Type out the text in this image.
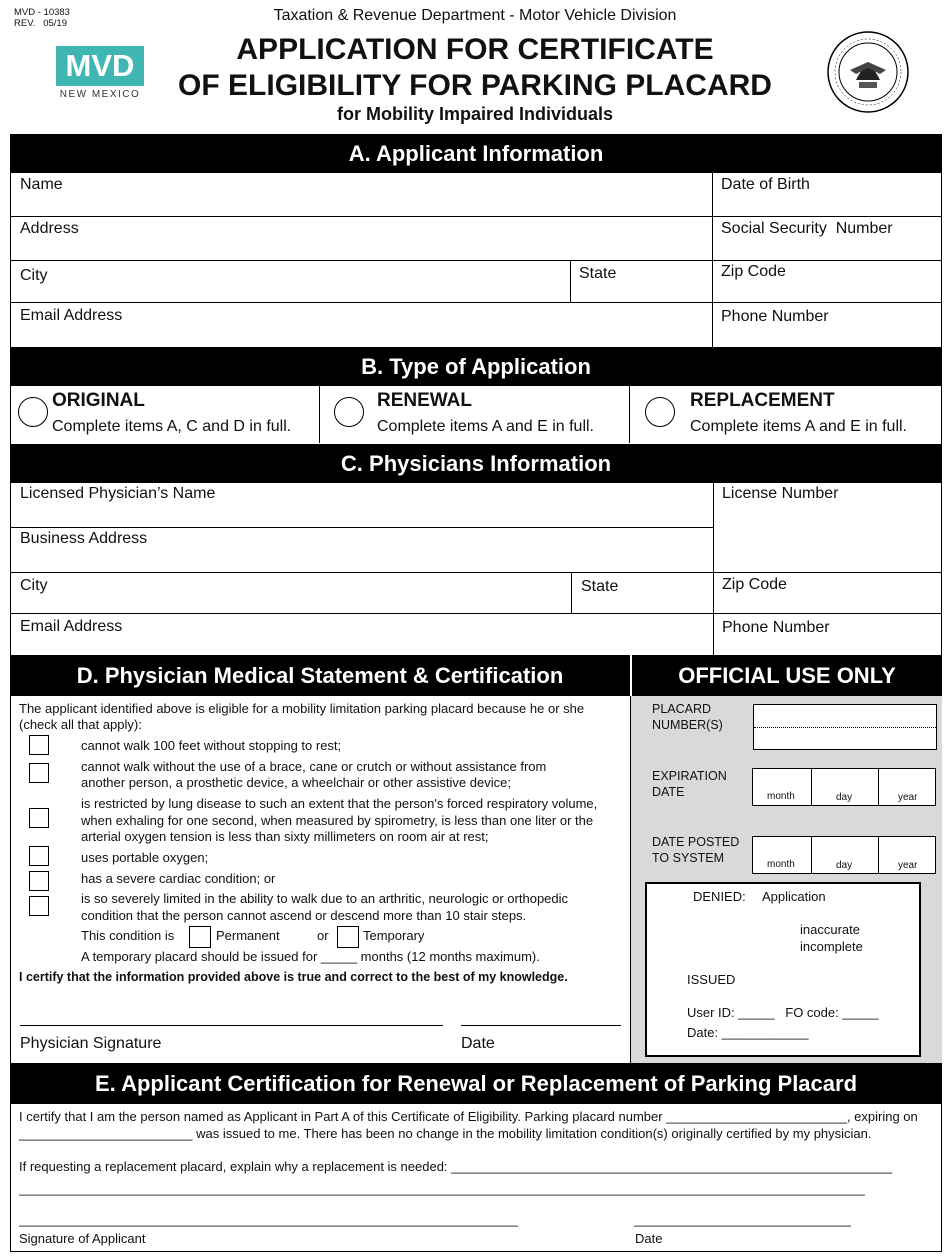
MVD - 10383
REV.   05/19
MVD
NEW MEXICO
Taxation & Revenue Department - Motor Vehicle Division
APPLICATION FOR CERTIFICATE
OF ELIGIBILITY FOR PARKING PLACARD
for Mobility Impaired Individuals
A. Applicant Information
Name	Date of Birth
Address	Social Security  Number
City	State	Zip Code
Email Address	Phone Number
B. Type of Application
ORIGINAL
Complete items A, C and D in full.
RENEWAL
Complete items A and E in full.
REPLACEMENT
Complete items A and E in full.
C. Physicians Information
Licensed Physician’s Name	License Number
Business Address
City	State	Zip Code
Email Address	Phone Number
D. Physician Medical Statement & Certification	OFFICIAL USE ONLY
The applicant identified above is eligible for a mobility limitation parking placard because he or she (check all that apply):
cannot walk 100 feet without stopping to rest;
cannot walk without the use of a brace, cane or crutch or without assistance from another person, a prosthetic device, a wheelchair or other assistive device;
is restricted by lung disease to such an extent that the person's forced respiratory volume, when exhaling for one second, when measured by spirometry, is less than one liter or the arterial oxygen tension is less than sixty millimeters on room air at rest;
uses portable oxygen;
has a severe cardiac condition; or
is so severely limited in the ability to walk due to an arthritic, neurologic or orthopedic condition that the person cannot ascend or descend more than 10 stair steps.
This condition is	Permanent	or	Temporary
A temporary placard should be issued for _____ months (12 months maximum).
I certify that the information provided above is true and correct to the best of my knowledge.
Physician Signature	Date
PLACARD NUMBER(S)
EXPIRATION DATE	month	day	year
DATE POSTED TO SYSTEM	month	day	year
DENIED: Application
inaccurate
incomplete
ISSUED
User ID: _____   FO code: _____
Date: ____________
E. Applicant Certification for Renewal or Replacement of Parking Placard
I certify that I am the person named as Applicant in Part A of this Certificate of Eligibility. Parking placard number _________________________, expiring on ________________________ was issued to me. There has been no change in the mobility limitation condition(s) originally certified by my physician.
If requesting a replacement placard, explain why a replacement is needed: _____________________________________________________________
_____________________________________________________________________________________________________________________
_____________________________________________________________________	______________________________
Signature of Applicant	Date
